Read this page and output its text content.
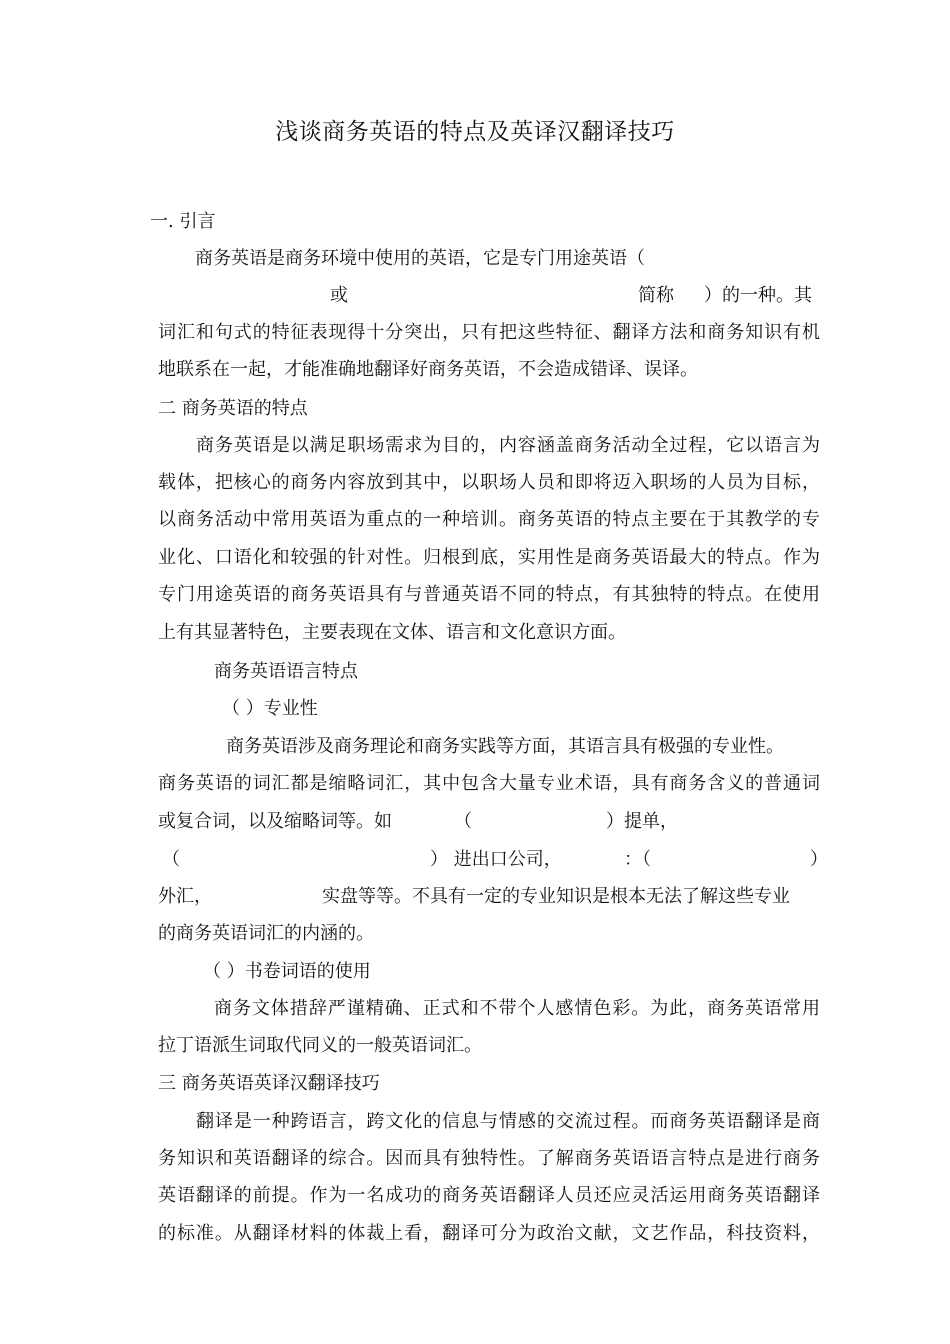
浅谈商务英语的特点及英译汉翻译技巧
一. 引言
商务英语是商务环境中使用的英语，它是专门用途英语（
或	简称 ）的一种。其
词汇和句式的特征表现得十分突出，只有把这些特征、翻译方法和商务知识有机
地联系在一起，才能准确地翻译好商务英语，不会造成错译、误译。
二 商务英语的特点
商务英语是以满足职场需求为目的，内容涵盖商务活动全过程，它以语言为
载体，把核心的商务内容放到其中，以职场人员和即将迈入职场的人员为目标，
以商务活动中常用英语为重点的一种培训。商务英语的特点主要在于其教学的专
业化、口语化和较强的针对性。归根到底，实用性是商务英语最大的特点。作为
专门用途英语的商务英语具有与普通英语不同的特点，有其独特的特点。在使用
上有其显著特色，主要表现在文体、语言和文化意识方面。
商务英语语言特点
（ ）专业性
商务英语涉及商务理论和商务实践等方面，其语言具有极强的专业性。
商务英语的词汇都是缩略词汇，其中包含大量专业术语，具有商务含义的普通词
或复合词，以及缩略词等。如	（	）提单，
（	） 进出口公司，	：（	）
外汇，	实盘等等。不具有一定的专业知识是根本无法了解这些专业
的商务英语词汇的内涵的。
（ ）书卷词语的使用
商务文体措辞严谨精确、正式和不带个人感情色彩。为此，商务英语常用
拉丁语派生词取代同义的一般英语词汇。
三 商务英语英译汉翻译技巧
翻译是一种跨语言，跨文化的信息与情感的交流过程。而商务英语翻译是商
务知识和英语翻译的综合。因而具有独特性。了解商务英语语言特点是进行商务
英语翻译的前提。作为一名成功的商务英语翻译人员还应灵活运用商务英语翻译
的标准。从翻译材料的体裁上看，翻译可分为政治文献，文艺作品，科技资料，
